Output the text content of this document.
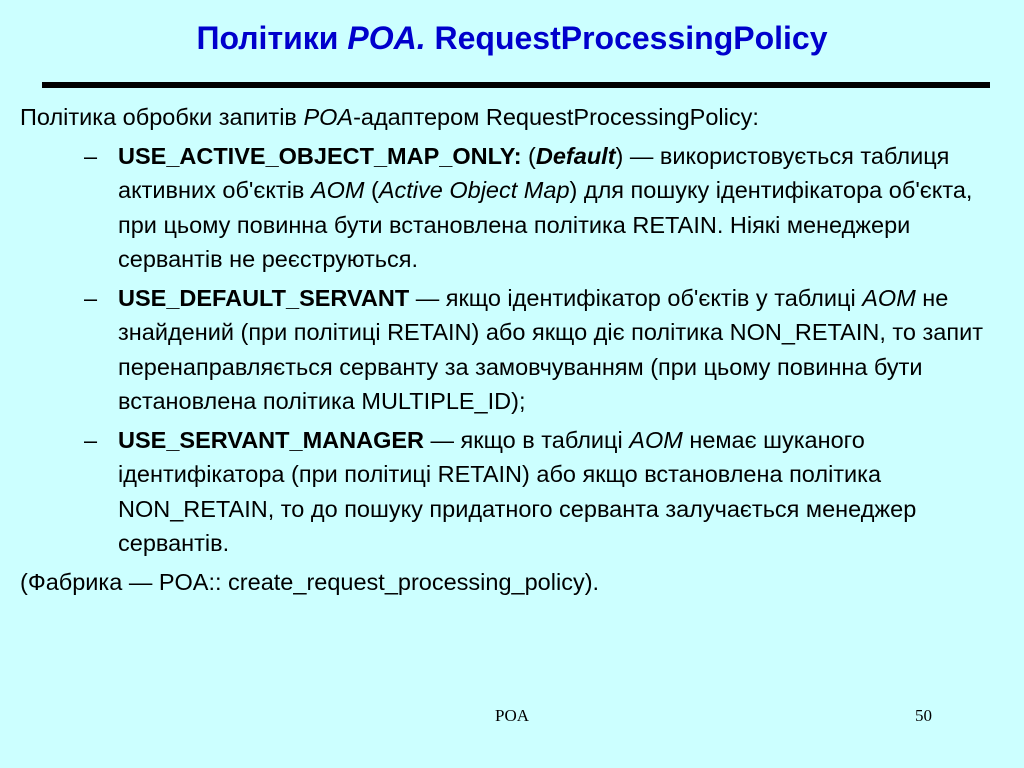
Політики POA. RequestProcessingPolicy

Політика обробки запитів POA-адаптером RequestProcessingPolicy:

– USE_ACTIVE_OBJECT_MAP_ONLY: (Default) — використовується таблиця активних об'єктів AOM (Active Object Map) для пошуку ідентифікатора об'єкта, при цьому повинна бути встановлена політика RETAIN. Ніякі менеджери сервантів не реєструються.
– USE_DEFAULT_SERVANT — якщо ідентифікатор об'єктів у таблиці AOM не знайдений (при політиці RETAIN) або якщо діє політика NON_RETAIN, то запит перенаправляється серванту за замовчуванням (при цьому повинна бути встановлена політика MULTIPLE_ID);
– USE_SERVANT_MANAGER — якщо в таблиці AOM немає шуканого ідентифікатора (при політиці RETAIN) або якщо встановлена політика NON_RETAIN, то до пошуку придатного серванта залучається менеджер сервантів.

(Фабрика — POA:: create_request_processing_policy).

POA	50
